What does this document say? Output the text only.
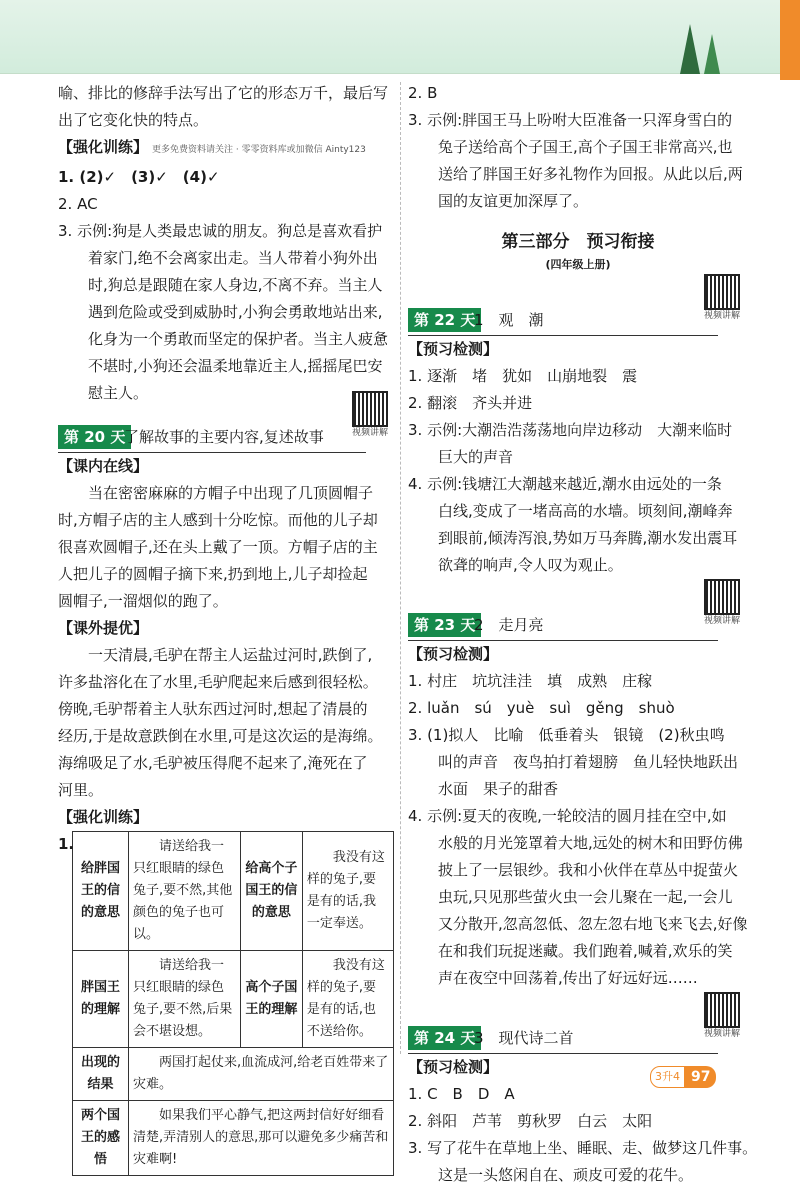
喻、排比的修辞手法写出了它的形态万千，最后写
出了它变化快的特点。
【强化训练】 更多免费资料请关注 · 零零资料库或加微信 Ainty123
1. (2)✓　(3)✓　(4)✓
2. AC
3. 示例:狗是人类最忠诚的朋友。狗总是喜欢看护
着家门,绝不会离家出走。当人带着小狗外出
时,狗总是跟随在家人身边,不离不弃。当主人
遇到危险或受到威胁时,小狗会勇敢地站出来,
化身为一个勇敢而坚定的保护者。当主人疲惫
不堪时,小狗还会温柔地靠近主人,摇摇尾巴安
慰主人。
第 20 天
了解故事的主要内容,复述故事	视频讲解
【课内在线】
当在密密麻麻的方帽子中出现了几顶圆帽子
时,方帽子店的主人感到十分吃惊。而他的儿子却
很喜欢圆帽子,还在头上戴了一顶。方帽子店的主
人把儿子的圆帽子摘下来,扔到地上,儿子却捡起
圆帽子,一溜烟似的跑了。
【课外提优】
一天清晨,毛驴在帮主人运盐过河时,跌倒了,
许多盐溶化在了水里,毛驴爬起来后感到很轻松。
傍晚,毛驴帮着主人驮东西过河时,想起了清晨的
经历,于是故意跌倒在水里,可是这次运的是海绵。
海绵吸足了水,毛驴被压得爬不起来了,淹死在了
河里。
【强化训练】
1.
给胖国王的信的意思	请送给我一只红眼睛的绿色兔子,要不然,其他颜色的兔子也可以。	给高个子国王的信的意思	我没有这样的兔子,要是有的话,我一定奉送。
胖国王的理解	请送给我一只红眼睛的绿色兔子,要不然,后果会不堪设想。	高个子国王的理解	我没有这样的兔子,要是有的话,也不送给你。
出现的结果	两国打起仗来,血流成河,给老百姓带来了灾难。		
两个国王的感悟	如果我们平心静气,把这两封信好好细看清楚,弄清别人的意思,那可以避免多少痛苦和灾难啊!		
2. B
3. 示例:胖国王马上吩咐大臣准备一只浑身雪白的
兔子送给高个子国王,高个子国王非常高兴,也
送给了胖国王好多礼物作为回报。从此以后,两
国的友谊更加深厚了。
第三部分　预习衔接
(四年级上册)
第 22 天
1　观　潮	视频讲解
【预习检测】
1. 逐渐　堵　犹如　山崩地裂　震
2. 翻滚　齐头并进
3. 示例:大潮浩浩荡荡地向岸边移动　大潮来临时
巨大的声音
4. 示例:钱塘江大潮越来越近,潮水由远处的一条
白线,变成了一堵高高的水墙。顷刻间,潮峰奔
到眼前,倾涛泻浪,势如万马奔腾,潮水发出震耳
欲聋的响声,令人叹为观止。
第 23 天
2　走月亮	视频讲解
【预习检测】
1. 村庄　坑坑洼洼　填　成熟　庄稼
2. luǎn　sú　yuè　suì　gěng　shuò
3. (1)拟人　比喻　低垂着头　银镜　(2)秋虫鸣
叫的声音　夜鸟拍打着翅膀　鱼儿轻快地跃出
水面　果子的甜香
4. 示例:夏天的夜晚,一轮皎洁的圆月挂在空中,如
水般的月光笼罩着大地,远处的树木和田野仿佛
披上了一层银纱。我和小伙伴在草丛中捉萤火
虫玩,只见那些萤火虫一会儿聚在一起,一会儿
又分散开,忽高忽低、忽左忽右地飞来飞去,好像
在和我们玩捉迷藏。我们跑着,喊着,欢乐的笑
声在夜空中回荡着,传出了好远好远……
第 24 天
3　现代诗二首	视频讲解
【预习检测】
1. C　B　D　A
2. 斜阳　芦苇　剪秋罗　白云　太阳
3. 写了花牛在草地上坐、睡眠、走、做梦这几件事。
这是一头悠闲自在、顽皮可爱的花牛。
3升4 97
